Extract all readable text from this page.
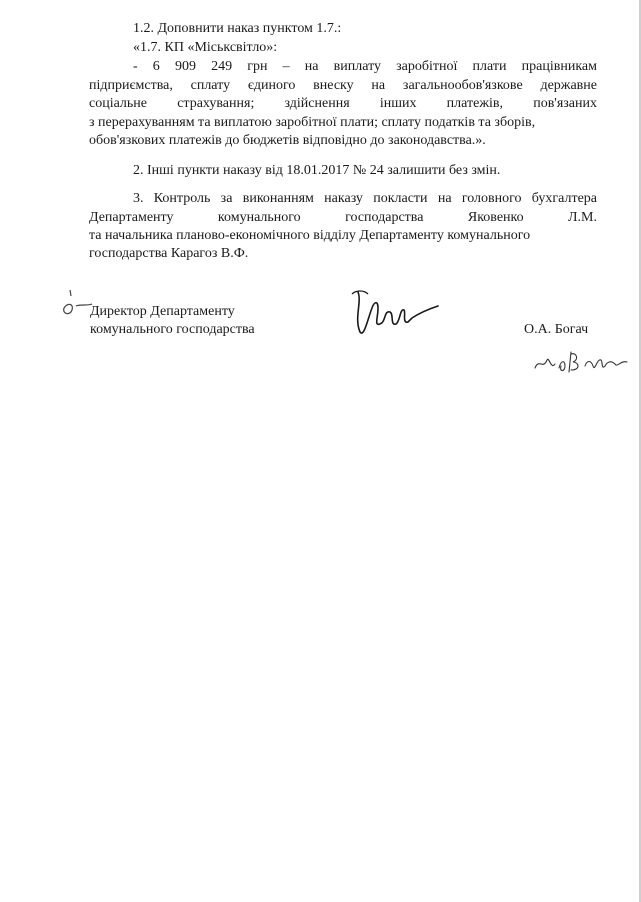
1.2. Доповнити наказ пунктом 1.7.:
«1.7. КП «Міськсвітло»:
- 6 909 249 грн – на виплату заробітної плати працівникам
підприємства, сплату єдиного внеску на загальнообов'язкове державне
соціальне страхування; здійснення інших платежів, пов'язаних
з перерахуванням та виплатою заробітної плати; сплату податків та зборів,
обов'язкових платежів до бюджетів відповідно до законодавства.».
2. Інші пункти наказу від 18.01.2017 № 24 залишити без змін.
3. Контроль за виконанням наказу покласти на головного бухгалтера
Департаменту комунального господарства Яковенко Л.М.
та начальника планово-економічного відділу Департаменту комунального
господарства Карагоз В.Ф.
Директор Департаменту
комунального господарства	О.А. Богач
